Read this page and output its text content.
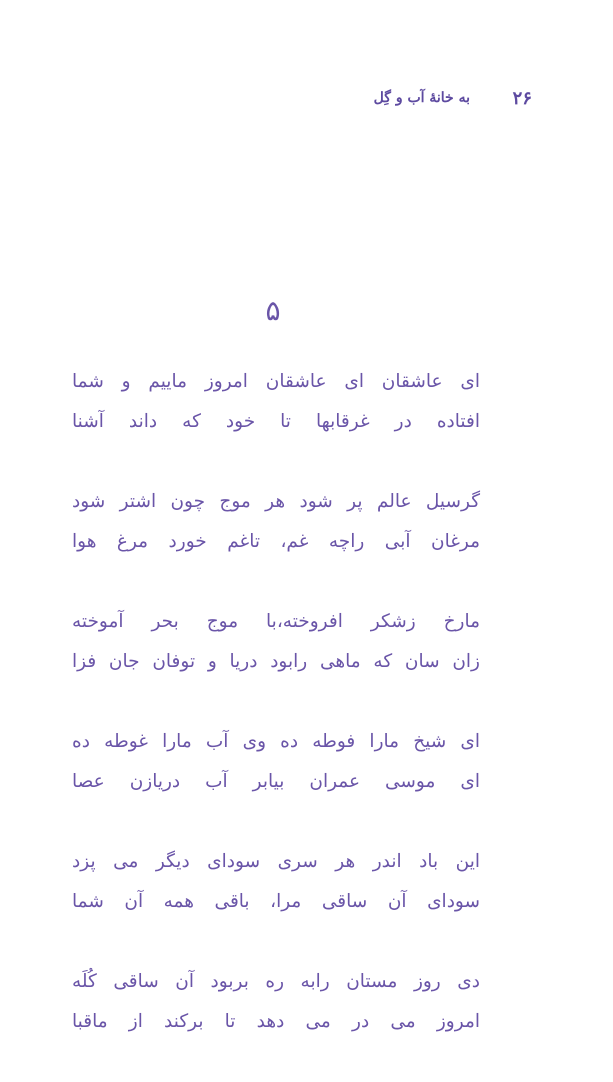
۲۶
به خانهٔ آب و گِل
۵
ای عاشقان ای عاشقان امروز ماییم و شما
افتاده در غرقابها تا خود که داند آشنا
گرسیل عالم پر شود هر موج چون اشتر شود
مرغان آبی راچه غم، تاغم خورد مرغ هوا
مارخ زشکر افروخته،با موج بحر آموخته
زان سان که ماهی رابود دریا و توفان جان فزا
ای شیخ مارا فوطه ده وی آب مارا غوطه ده
ای موسی عمران بیابر آب دریازن عصا
این باد اندر هر سری سودای دیگر می پزد
سودای آن ساقی مرا، باقی همه آن شما
دی روز مستان رابه ره بربود آن ساقی کُلَه
امروز می در می دهد تا برکند از ماقبا
